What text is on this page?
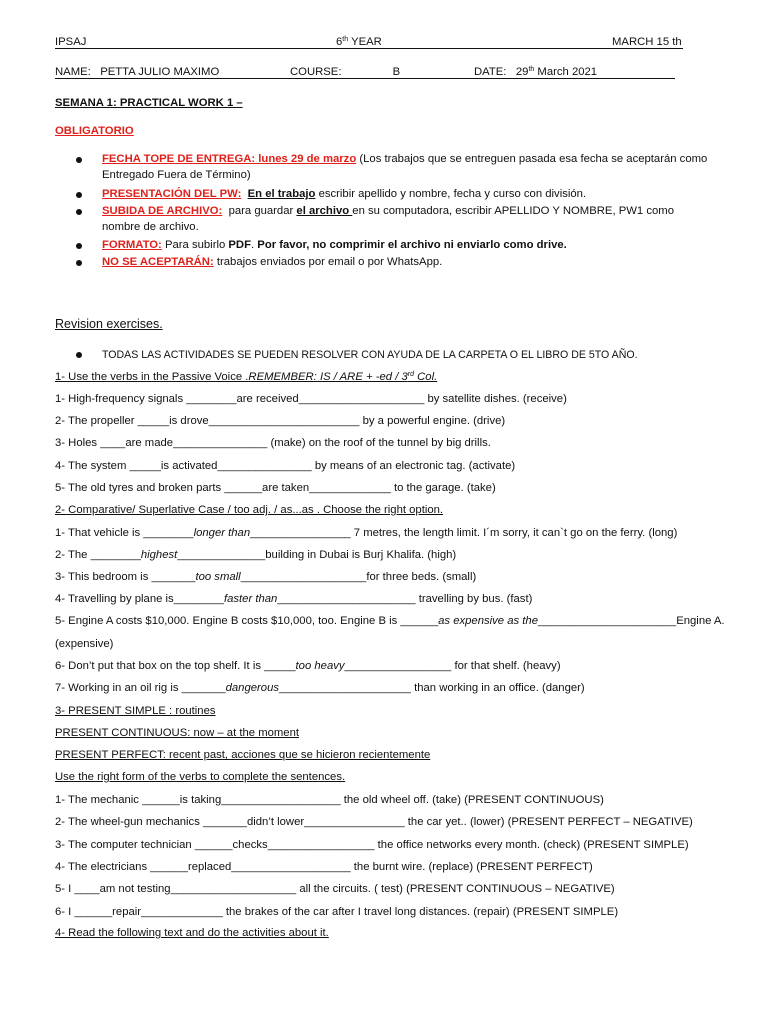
IPSAJ	6th YEAR	MARCH 15 th
NAME: PETTA JULIO MAXIMO	COURSE:	B	DATE: 29th March 2021
SEMANA 1: PRACTICAL WORK 1 –
OBLIGATORIO
FECHA TOPE DE ENTREGA: lunes 29 de marzo (Los trabajos que se entreguen pasada esa fecha se aceptarán como
Entregado Fuera de Término)
PRESENTACIÓN DEL PW: En el trabajo escribir apellido y nombre, fecha y curso con división.
SUBIDA DE ARCHIVO:  para guardar el archivo en su computadora, escribir APELLIDO Y NOMBRE, PW1 como
nombre de archivo.
FORMATO: Para subirlo PDF. Por favor, no comprimir el archivo ni enviarlo como drive.
NO SE ACEPTARÁN: trabajos enviados por email o por WhatsApp.
Revision exercises.
TODAS LAS ACTIVIDADES SE PUEDEN RESOLVER CON AYUDA DE LA CARPETA O EL LIBRO DE 5TO AÑO.
1- Use the verbs in the Passive Voice .REMEMBER: IS / ARE + -ed / 3rd Col.
1- High-frequency signals ________are received____________________ by satellite dishes. (receive)
2- The propeller _____is drove________________________ by a powerful engine. (drive)
3- Holes ____are made_______________ (make) on the roof of the tunnel by big drills.
4- The system _____is activated_______________ by means of an electronic tag. (activate)
5- The old tyres and broken parts ______are taken_____________ to the garage. (take)
2- Comparative/ Superlative Case / too adj. / as...as . Choose the right option.
1- That vehicle is ________longer than________________ 7 metres, the length limit. I´m sorry, it can`t go on the ferry. (long)
2- The ________highest______________building in Dubai is Burj Khalifa. (high)
3- This bedroom is _______too small____________________for three beds. (small)
4- Travelling by plane is________faster than______________________ travelling by bus. (fast)
5- Engine A costs $10,000. Engine B costs $10,000, too. Engine B is ______as expensive as the______________________Engine A.
(expensive)
6- Don’t put that box on the top shelf. It is _____too heavy_________________ for that shelf. (heavy)
7- Working in an oil rig is _______dangerous_____________________ than working in an office. (danger)
3- PRESENT SIMPLE : routines
PRESENT CONTINUOUS: now – at the moment
PRESENT PERFECT: recent past, acciones que se hicieron recientemente
Use the right form of the verbs to complete the sentences.
1- The mechanic ______is taking___________________ the old wheel off. (take) (PRESENT CONTINUOUS)
2- The wheel-gun mechanics _______didn’t lower________________ the car yet.. (lower) (PRESENT PERFECT – NEGATIVE)
3- The computer technician ______checks_________________ the office networks every month. (check) (PRESENT SIMPLE)
4- The electricians ______replaced___________________ the burnt wire. (replace) (PRESENT PERFECT)
5- I ____am not testing____________________ all the circuits. ( test) (PRESENT CONTINUOUS – NEGATIVE)
6- I ______repair_____________ the brakes of the car after I travel long distances. (repair) (PRESENT SIMPLE)
4- Read the following text and do the activities about it.
